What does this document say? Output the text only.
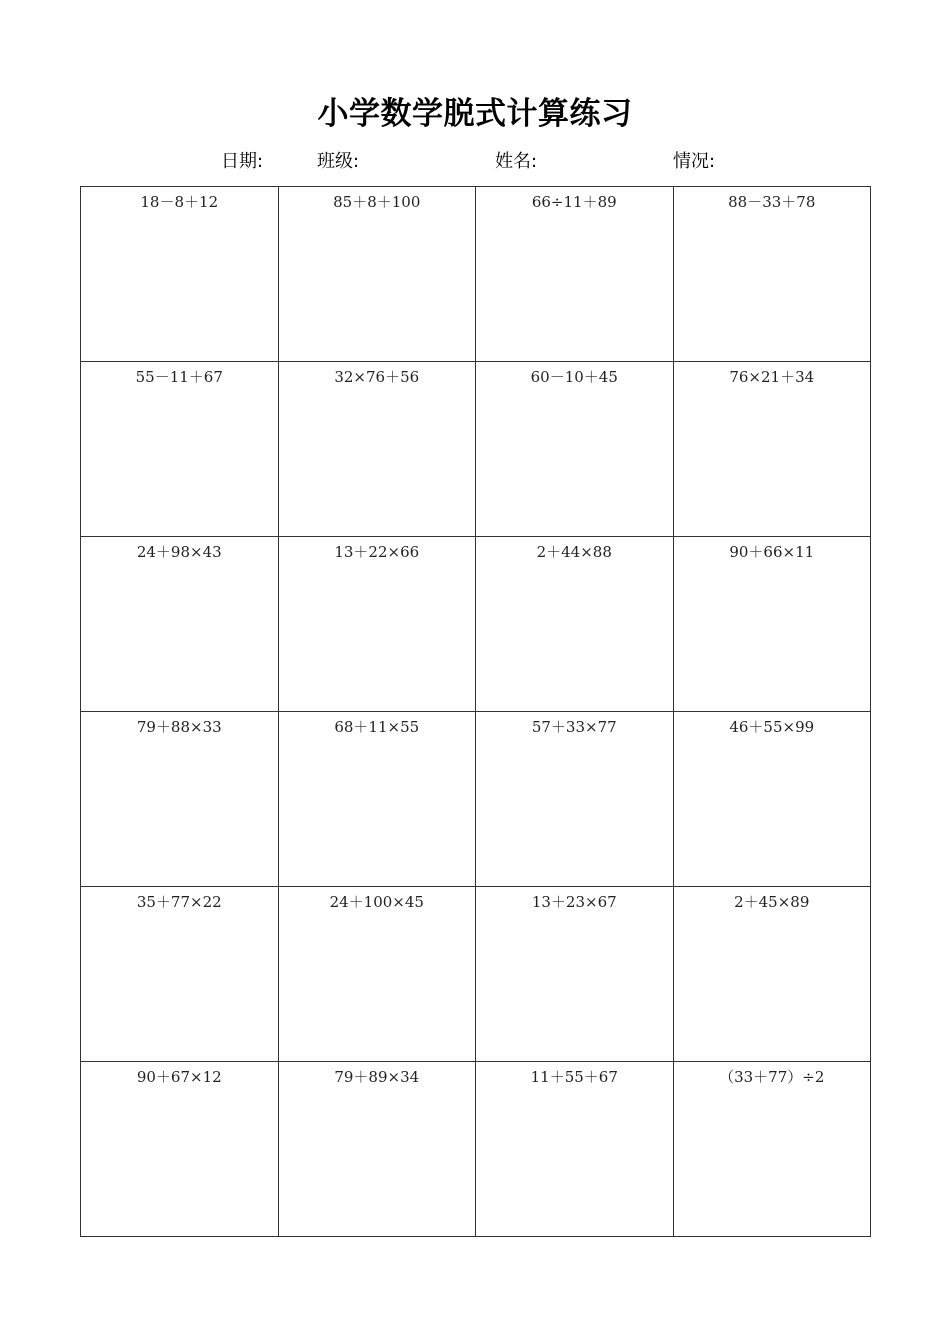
小学数学脱式计算练习
日期:	班级:	姓名:	情况:
18－8＋12	85＋8＋100	66÷11＋89	88－33＋78

55－11＋67	32×76＋56	60－10＋45	76×21＋34

24＋98×43	13＋22×66	2＋44×88	90＋66×11

79＋88×33	68＋11×55	57＋33×77	46＋55×99

35＋77×22	24＋100×45	13＋23×67	2＋45×89

90＋67×12	79＋89×34	11＋55＋67	（33＋77）÷2
